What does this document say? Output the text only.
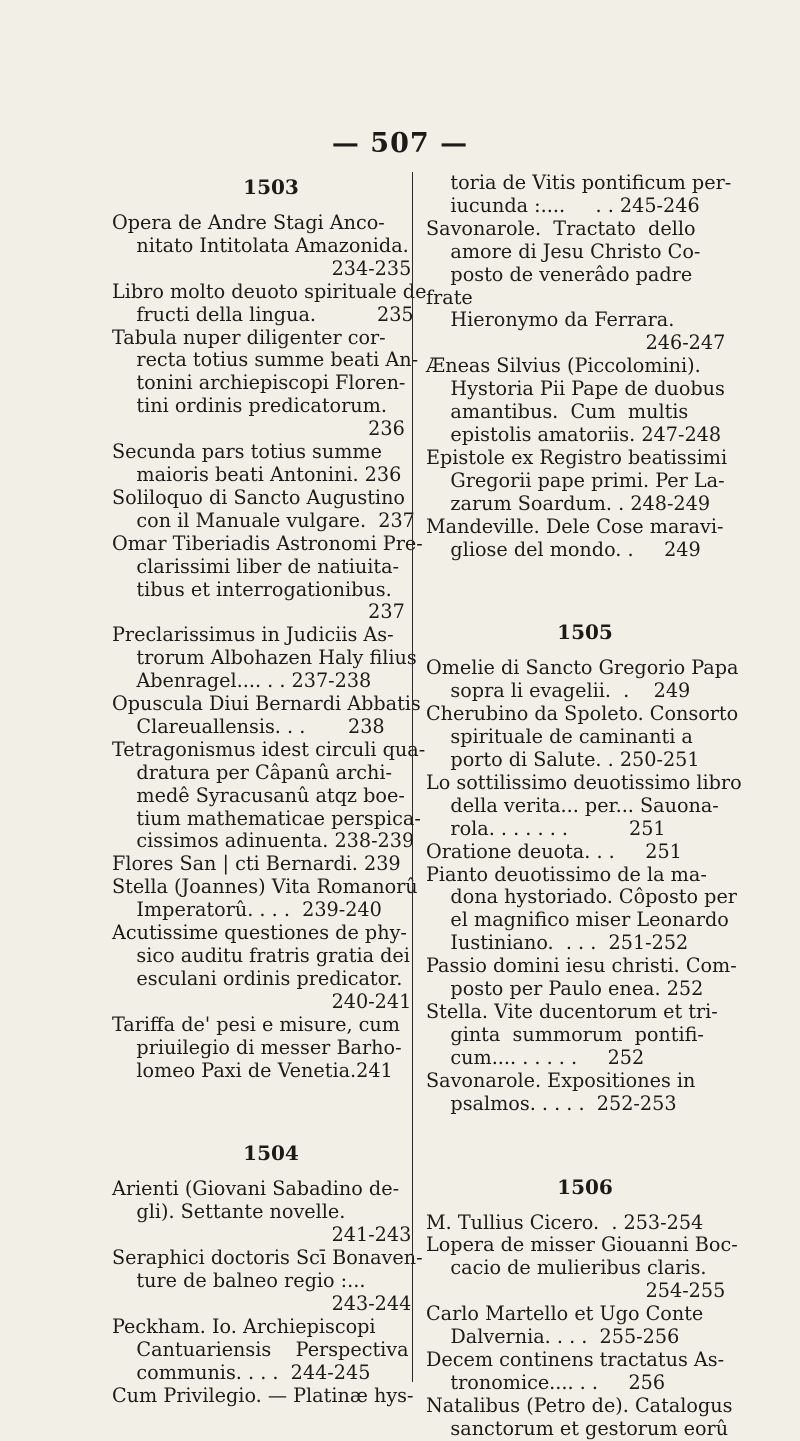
— 507 —
1503
Opera de Andre Stagi Anco-
nitato Intitolata Amazonida.
234-235
Libro molto deuoto spirituale de
fructi della lingua.          235
Tabula nuper diligenter cor-
recta totius summe beati An-
tonini archiepiscopi Floren-
tini ordinis predicatorum.
236
Secunda pars totius summe
maioris beati Antonini. 236
Soliloquo di Sancto Augustino
con il Manuale vulgare.  237
Omar Tiberiadis Astronomi Pre-
clarissimi liber de natiuita-
tibus et interrogationibus.
237
Preclarissimus in Judiciis As-
trorum Albohazen Haly filius
Abenragel.... . . 237-238
Opuscula Diui Bernardi Abbatis
Clareuallensis. . .       238
Tetragonismus idest circuli qua-
dratura per Câpanû archi-
medê Syracusanû atqz boe-
tium mathematicae perspica-
cissimos adinuenta. 238-239
Flores San | cti Bernardi. 239
Stella (Joannes) Vita Romanorû
Imperatorû. . . .  239-240
Acutissime questiones de phy-
sico auditu fratris gratia dei
esculani ordinis predicator.
240-241
Tariffa de' pesi e misure, cum
priuilegio di messer Barho-
lomeo Paxi de Venetia.241
1504
Arienti (Giovani Sabadino de-
gli). Settante novelle.
241-243
Seraphici doctoris Scī Bonaven-
ture de balneo regio :...
243-244
Peckham. Io. Archiepiscopi
Cantuariensis    Perspectiva
communis. . . .  244-245
Cum Privilegio. — Platinæ hys-
toria de Vitis pontificum per-
iucunda :....     . . 245-246
Savonarole.  Tractato  dello
amore di Jesu Christo Co-
posto de venerâdo padre frate
Hieronymo da Ferrara.
246-247
Æneas Silvius (Piccolomini).
Hystoria Pii Pape de duobus
amantibus.  Cum  multis
epistolis amatoriis. 247-248
Epistole ex Registro beatissimi
Gregorii pape primi. Per La-
zarum Soardum. . 248-249
Mandeville. Dele Cose maravi-
gliose del mondo. .     249
1505
Omelie di Sancto Gregorio Papa
sopra li evagelii.  .    249
Cherubino da Spoleto. Consorto
spirituale de caminanti a
porto di Salute. . 250-251
Lo sottilissimo deuotissimo libro
della verita... per... Sauona-
rola. . . . . . .          251
Oratione deuota. . .     251
Pianto deuotissimo de la ma-
dona hystoriado. Côposto per
el magnifico miser Leonardo
Iustiniano.  . . .  251-252
Passio domini iesu christi. Com-
posto per Paulo enea. 252
Stella. Vite ducentorum et tri-
ginta  summorum  pontifi-
cum.... . . . . .     252
Savonarole. Expositiones in
psalmos. . . . .  252-253
1506
M. Tullius Cicero.  . 253-254
Lopera de misser Giouanni Boc-
cacio de mulieribus claris.
254-255
Carlo Martello et Ugo Conte
Dalvernia. . . .  255-256
Decem continens tractatus As-
tronomice.... . .     256
Natalibus (Petro de). Catalogus
sanctorum et gestorum eorû
